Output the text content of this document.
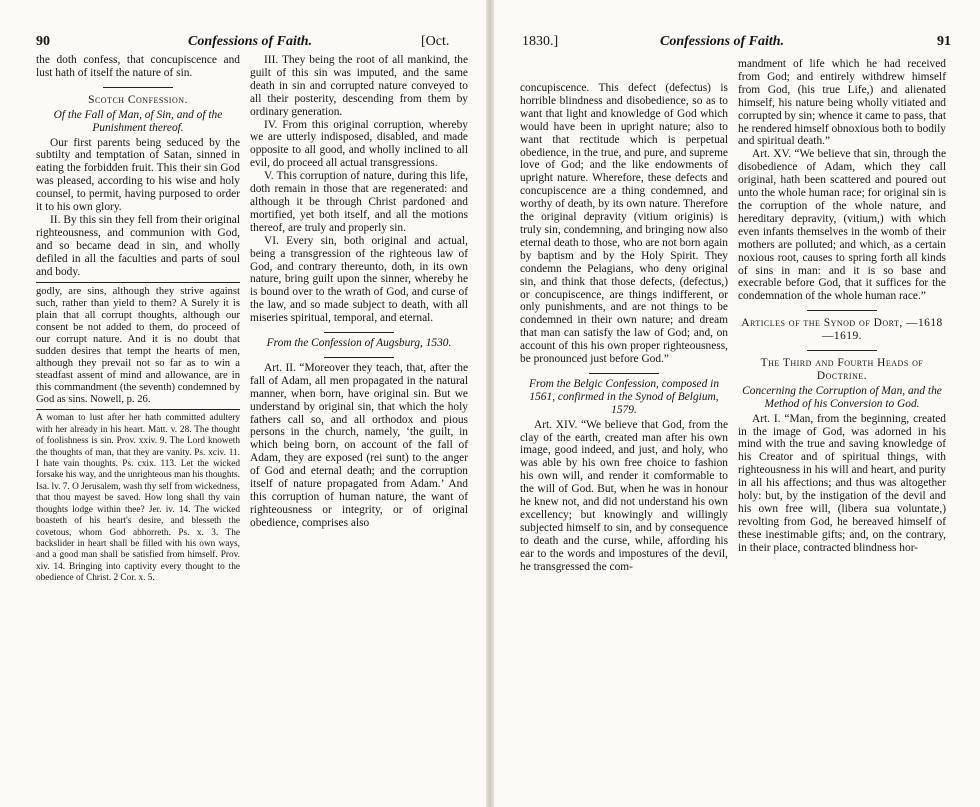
90	Confessions of Faith.	[Oct.

the doth confess, that concupiscence and lust hath of itself the nature of sin.

Scotch Confession.
Of the Fall of Man, of Sin, and of the Punishment thereof.

Our first parents being seduced by the subtilty and temptation of Satan, sinned in eating the forbidden fruit. This their sin God was pleased, according to his wise and holy counsel, to permit, having purposed to order it to his own glory.

II. By this sin they fell from their original righteousness, and communion with God, and so became dead in sin, and wholly defiled in all the faculties and parts of soul and body.

godly, are sins, although they strive against such, rather than yield to them? A Surely it is plain that all corrupt thoughts, although our consent be not added to them, do proceed of our corrupt nature. And it is no doubt that sudden desires that tempt the hearts of men, although they prevail not so far as to win a steadfast assent of mind and allowance, are in this commandment (the seventh) condemned by God as sins. Nowell, p. 26.

A woman to lust after her hath committed adultery with her already in his heart. Matt. v. 28. The thought of foolishness is sin. Prov. xxiv. 9. The Lord knoweth the thoughts of man, that they are vanity. Ps. xciv. 11. I hate vain thoughts. Ps. cxix. 113. Let the wicked forsake his way, and the unrighteous man his thoughts. Isa. lv. 7. O Jerusalem, wash thy self from wickedness, that thou mayest be saved. How long shall thy vain thoughts lodge within thee? Jer. iv. 14. The wicked boasteth of his heart's desire, and blesseth the covetous, whom God abhorreth. Ps. x. 3. The backslider in heart shall be filled with his own ways, and a good man shall be satisfied from himself. Prov. xiv. 14. Bringing into captivity every thought to the obedience of Christ. 2 Cor. x. 5.

III. They being the root of all mankind, the guilt of this sin was imputed, and the same death in sin and corrupted nature conveyed to all their posterity, descending from them by ordinary generation.

IV. From this original corruption, whereby we are utterly indisposed, disabled, and made opposite to all good, and wholly inclined to all evil, do proceed all actual transgressions.

V. This corruption of nature, during this life, doth remain in those that are regenerated: and although it be through Christ pardoned and mortified, yet both itself, and all the motions thereof, are truly and properly sin.

VI. Every sin, both original and actual, being a transgression of the righteous law of God, and contrary thereunto, doth, in its own nature, bring guilt upon the sinner, whereby he is bound over to the wrath of God, and curse of the law, and so made subject to death, with all miseries spiritual, temporal, and eternal.

From the Confession of Augsburg, 1530.

Art. II. “Moreover they teach, that, after the fall of Adam, all men propagated in the natural manner, when born, have original sin. But we understand by original sin, that which the holy fathers call so, and all orthodox and pious persons in the church, namely, ‘the guilt, in which being born, on account of the fall of Adam, they are exposed (rei sunt) to the anger of God and eternal death; and the corruption itself of nature propagated from Adam.’ And this corruption of human nature, the want of righteousness or integrity, or of original obedience, comprises also

1830.]	Confessions of Faith.	91

concupiscence. This defect (defectus) is horrible blindness and disobedience, so as to want that light and knowledge of God which would have been in upright nature; also to want that rectitude which is perpetual obedience, in the true, and pure, and supreme love of God; and the like endowments of upright nature. Wherefore, these defects and concupiscence are a thing condemned, and worthy of death, by its own nature. Therefore the original depravity (vitium originis) is truly sin, condemning, and bringing now also eternal death to those, who are not born again by baptism and by the Holy Spirit. They condemn the Pelagians, who deny original sin, and think that those defects, (defectus,) or concupiscence, are things indifferent, or only punishments, and are not things to be condemned in their own nature; and dream that man can satisfy the law of God; and, on account of this his own proper righteousness, be pronounced just before God.”

From the Belgic Confession, composed in 1561, confirmed in the Synod of Belgium, 1579.

Art. XIV. “We believe that God, from the clay of the earth, created man after his own image, good indeed, and just, and holy, who was able by his own free choice to fashion his own will, and render it comformable to the will of God. But, when he was in honour he knew not, and did not understand his own excellency; but knowingly and willingly subjected himself to sin, and by consequence to death and the curse, while, affording his ear to the words and impostures of the devil, he transgressed the com-

mandment of life which he had received from God; and entirely withdrew himself from God, (his true Life,) and alienated himself, his nature being wholly vitiated and corrupted by sin; whence it came to pass, that he rendered himself obnoxious both to bodily and spiritual death.”

Art. XV. “We believe that sin, through the disobedience of Adam, which they call original, hath been scattered and poured out unto the whole human race; for original sin is the corruption of the whole nature, and hereditary depravity, (vitium,) with which even infants themselves in the womb of their mothers are polluted; and which, as a certain noxious root, causes to spring forth all kinds of sins in man: and it is so base and execrable before God, that it suffices for the condemnation of the whole human race.”

Articles of the Synod of Dort, —1618—1619.
The Third and Fourth Heads of Doctrine.
Concerning the Corruption of Man, and the Method of his Conversion to God.

Art. I. “Man, from the beginning, created in the image of God, was adorned in his mind with the true and saving knowledge of his Creator and of spiritual things, with righteousness in his will and heart, and purity in all his affections; and thus was altogether holy: but, by the instigation of the devil and his own free will, (libera sua voluntate,) revolting from God, he bereaved himself of these inestimable gifts; and, on the contrary, in their place, contracted blindness hor-
